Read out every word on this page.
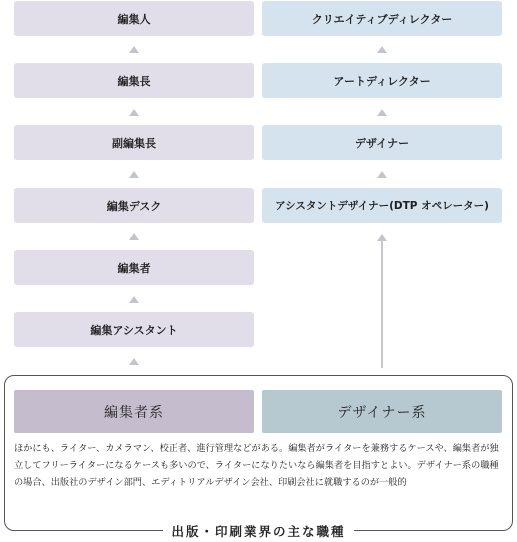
編集人
編集長
副編集長
編集デスク
編集者
編集アシスタント
クリエイティブディレクター
アートディレクター
デザイナー
アシスタントデザイナー(DTP オペレーター)
編集者系	デザイナー系
ほかにも、ライター、カメラマン、校正者、進行管理などがある。編集者がライターを兼務するケースや、編集者が独立してフリーライターになるケースも多いので、ライターになりたいなら編集者を目指すとよい。デザイナー系の職種の場合、出版社のデザイン部門、エディトリアルデザイン会社、印刷会社に就職するのが一般的
出版・印刷業界の主な職種
